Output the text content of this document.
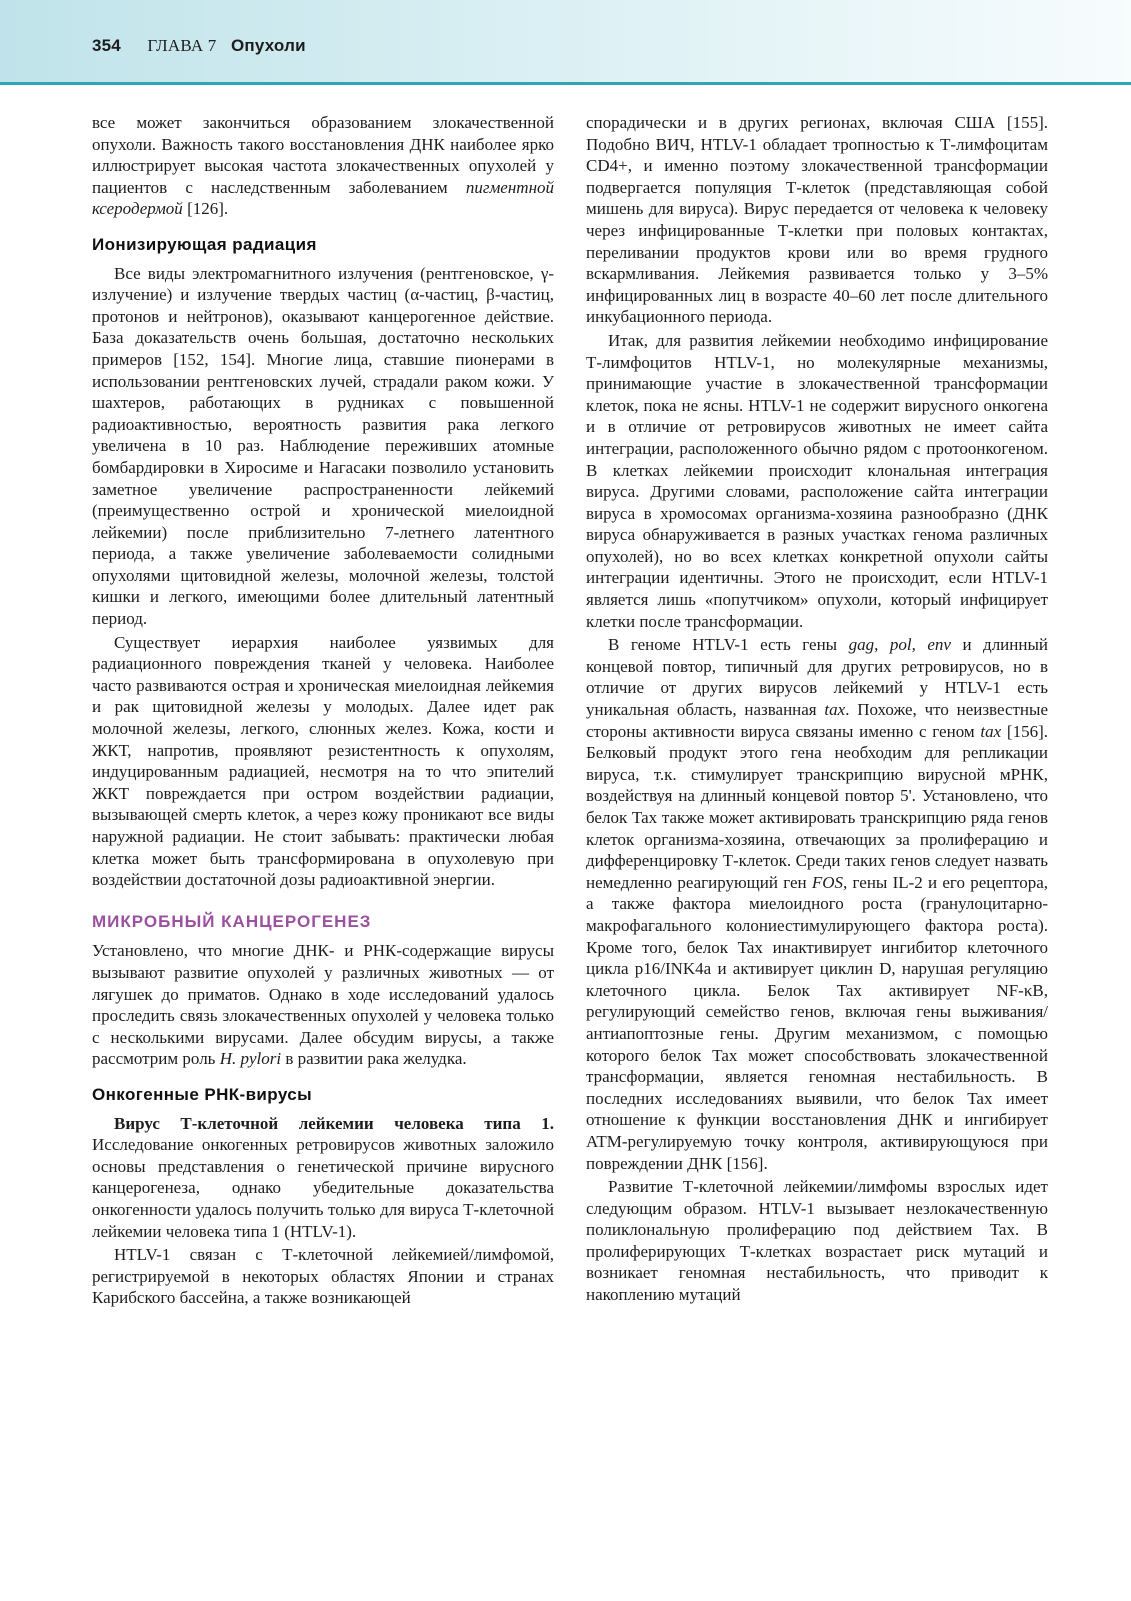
354 ГЛАВА 7 Опухоли

все может закончиться образованием злокачественной опухоли. Важность такого восстановления ДНК наиболее ярко иллюстрирует высокая частота злокачественных опухолей у пациентов с наследственным заболеванием пигментной ксеродермой [126].

Ионизирующая радиация

Все виды электромагнитного излучения (рентгеновское, γ-излучение) и излучение твердых частиц (α-частиц, β-частиц, протонов и нейтронов), оказывают канцерогенное действие. База доказательств очень большая, достаточно нескольких примеров [152, 154]. Многие лица, ставшие пионерами в использовании рентгеновских лучей, страдали раком кожи. У шахтеров, работающих в рудниках с повышенной радиоактивностью, вероятность развития рака легкого увеличена в 10 раз. Наблюдение переживших атомные бомбардировки в Хиросиме и Нагасаки позволило установить заметное увеличение распространенности лейкемий (преимущественно острой и хронической миелоидной лейкемии) после приблизительно 7-летнего латентного периода, а также увеличение заболеваемости солидными опухолями щитовидной железы, молочной железы, толстой кишки и легкого, имеющими более длительный латентный период.

Существует иерархия наиболее уязвимых для радиационного повреждения тканей у человека. Наиболее часто развиваются острая и хроническая миелоидная лейкемия и рак щитовидной железы у молодых. Далее идет рак молочной железы, легкого, слюнных желез. Кожа, кости и ЖКТ, напротив, проявляют резистентность к опухолям, индуцированным радиацией, несмотря на то что эпителий ЖКТ повреждается при остром воздействии радиации, вызывающей смерть клеток, а через кожу проникают все виды наружной радиации. Не стоит забывать: практически любая клетка может быть трансформирована в опухолевую при воздействии достаточной дозы радиоактивной энергии.

МИКРОБНЫЙ КАНЦЕРОГЕНЕЗ

Установлено, что многие ДНК- и РНК-содержащие вирусы вызывают развитие опухолей у различных животных — от лягушек до приматов. Однако в ходе исследований удалось проследить связь злокачественных опухолей у человека только с несколькими вирусами. Далее обсудим вирусы, а также рассмотрим роль H. pylori в развитии рака желудка.

Онкогенные РНК-вирусы

Вирус Т-клеточной лейкемии человека типа 1. Исследование онкогенных ретровирусов животных заложило основы представления о генетической причине вирусного канцерогенеза, однако убедительные доказательства онкогенности удалось получить только для вируса Т-клеточной лейкемии человека типа 1 (HTLV-1).

HTLV-1 связан с Т-клеточной лейкемией/лимфомой, регистрируемой в некоторых областях Японии и странах Карибского бассейна, а также возникающей

спорадически и в других регионах, включая США [155]. Подобно ВИЧ, HTLV-1 обладает тропностью к Т-лимфоцитам CD4+, и именно поэтому злокачественной трансформации подвергается популяция Т-клеток (представляющая собой мишень для вируса). Вирус передается от человека к человеку через инфицированные Т-клетки при половых контактах, переливании продуктов крови или во время грудного вскармливания. Лейкемия развивается только у 3–5% инфицированных лиц в возрасте 40–60 лет после длительного инкубационного периода.

Итак, для развития лейкемии необходимо инфицирование Т-лимфоцитов HTLV-1, но молекулярные механизмы, принимающие участие в злокачественной трансформации клеток, пока не ясны. HTLV-1 не содержит вирусного онкогена и в отличие от ретровирусов животных не имеет сайта интеграции, расположенного обычно рядом с протоонкогеном. В клетках лейкемии происходит клональная интеграция вируса. Другими словами, расположение сайта интеграции вируса в хромосомах организма-хозяина разнообразно (ДНК вируса обнаруживается в разных участках генома различных опухолей), но во всех клетках конкретной опухоли сайты интеграции идентичны. Этого не происходит, если HTLV-1 является лишь «попутчиком» опухоли, который инфицирует клетки после трансформации.

В геноме HTLV-1 есть гены gag, pol, env и длинный концевой повтор, типичный для других ретровирусов, но в отличие от других вирусов лейкемий у HTLV-1 есть уникальная область, названная tax. Похоже, что неизвестные стороны активности вируса связаны именно с геном tax [156]. Белковый продукт этого гена необходим для репликации вируса, т.к. стимулирует транскрипцию вирусной мРНК, воздействуя на длинный концевой повтор 5'. Установлено, что белок Tax также может активировать транскрипцию ряда генов клеток организма-хозяина, отвечающих за пролиферацию и дифференцировку Т-клеток. Среди таких генов следует назвать немедленно реагирующий ген FOS, гены IL-2 и его рецептора, а также фактора миелоидного роста (гранулоцитарно-макрофагального колониестимулирующего фактора роста). Кроме того, белок Tax инактивирует ингибитор клеточного цикла p16/INK4a и активирует циклин D, нарушая регуляцию клеточного цикла. Белок Tax активирует NF-κB, регулирующий семейство генов, включая гены выживания/антиапоптозные гены. Другим механизмом, с помощью которого белок Tax может способствовать злокачественной трансформации, является геномная нестабильность. В последних исследованиях выявили, что белок Tax имеет отношение к функции восстановления ДНК и ингибирует ATM-регулируемую точку контроля, активирующуюся при повреждении ДНК [156].

Развитие Т-клеточной лейкемии/лимфомы взрослых идет следующим образом. HTLV-1 вызывает незлокачественную поликлональную пролиферацию под действием Tax. В пролиферирующих Т-клетках возрастает риск мутаций и возникает геномная нестабильность, что приводит к накоплению мутаций
